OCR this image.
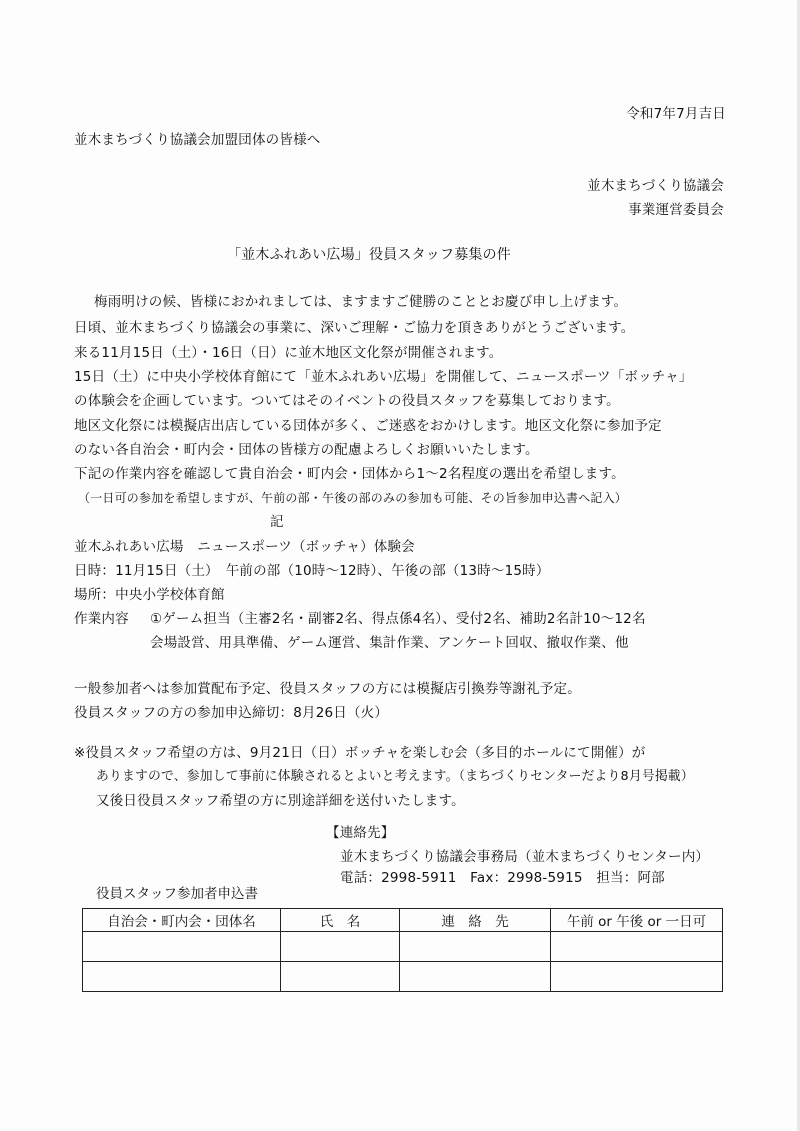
令和7年7月吉日
並木まちづくり協議会加盟団体の皆様へ
並木まちづくり協議会
事業運営委員会
「並木ふれあい広場」役員スタッフ募集の件
梅雨明けの候、皆様におかれましては、ますますご健勝のこととお慶び申し上げます。
日頃、並木まちづくり協議会の事業に、深いご理解・ご協力を頂きありがとうございます。
来る11月15日（土）・16日（日）に並木地区文化祭が開催されます。
15日（土）に中央小学校体育館にて「並木ふれあい広場」を開催して、ニュースポーツ「ボッチャ」
の体験会を企画しています。ついてはそのイベントの役員スタッフを募集しております。
地区文化祭には模擬店出店している団体が多く、ご迷惑をおかけします。地区文化祭に参加予定
のない各自治会・町内会・団体の皆様方の配慮よろしくお願いいたします。
下記の作業内容を確認して貴自治会・町内会・団体から1～2名程度の選出を希望します。
（一日可の参加を希望しますが、午前の部・午後の部のみの参加も可能、その旨参加申込書へ記入）
記
並木ふれあい広場　ニュースポーツ（ボッチャ）体験会
日時：11月15日（土）　午前の部（10時～12時）、午後の部（13時～15時）
場所：中央小学校体育館
作業内容 ①ゲーム担当（主審2名・副審2名、得点係4名）、受付2名、補助2名計10～12名
会場設営、用具準備、ゲーム運営、集計作業、アンケート回収、撤収作業、他
一般参加者へは参加賞配布予定、役員スタッフの方には模擬店引換券等謝礼予定。
役員スタッフの方の参加申込締切：8月26日（火）
※役員スタッフ希望の方は、9月21日（日）ボッチャを楽しむ会（多目的ホールにて開催）が
ありますので、参加して事前に体験されるとよいと考えます。（まちづくりセンターだより8月号掲載）
又後日役員スタッフ希望の方に別途詳細を送付いたします。
【連絡先】
並木まちづくり協議会事務局（並木まちづくりセンター内）
電話：2998-5911　Fax：2998-5915　担当：阿部
役員スタッフ参加者申込書
自治会・町内会・団体名	氏　名	連　絡　先	午前 or 午後 or 一日可
